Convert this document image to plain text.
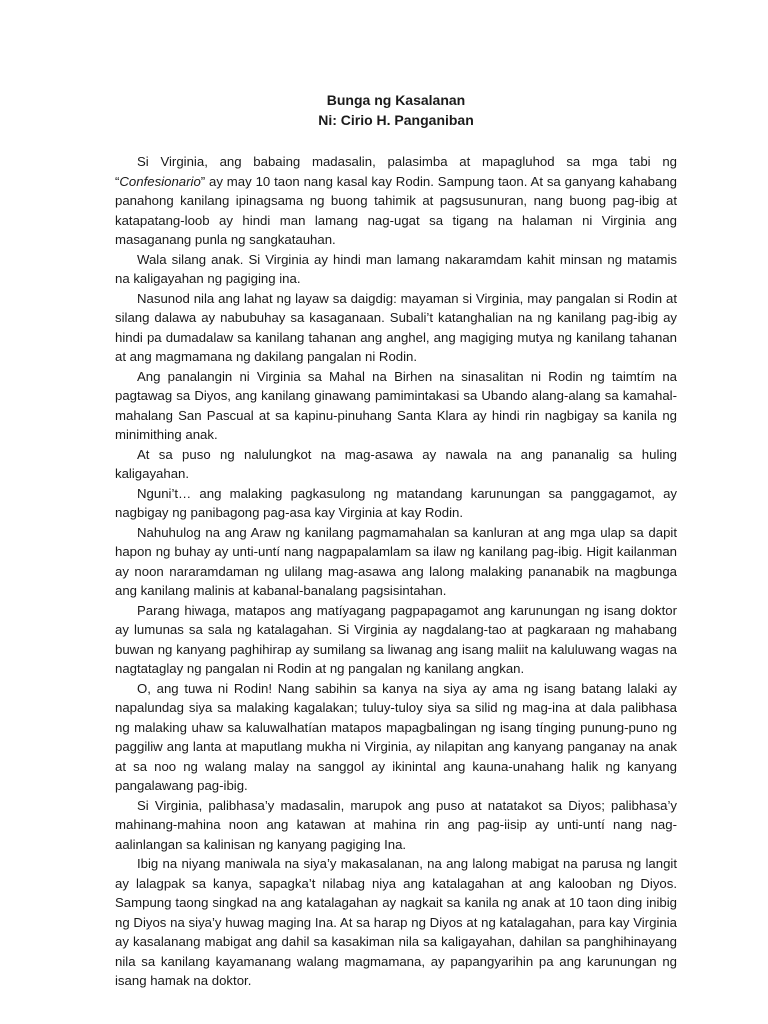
Bunga ng Kasalanan

Ni: Cirio H. Panganiban

Si Virginia, ang babaing madasalin, palasimba at mapagluhod sa mga tabi ng “Confesionario” ay may 10 taon nang kasal kay Rodin. Sampung taon. At sa ganyang kahabang panahong kanilang ipinagsama ng buong tahimik at pagsusunuran, nang buong pag-ibig at katapatang-loob ay hindi man lamang nag-ugat sa tigang na halaman ni Virginia ang masaganang punla ng sangkatauhan.

Wala silang anak. Si Virginia ay hindi man lamang nakaramdam kahit minsan ng matamis na kaligayahan ng pagiging ina.

Nasunod nila ang lahat ng layaw sa daigdig: mayaman si Virginia, may pangalan si Rodin at silang dalawa ay nabubuhay sa kasaganaan. Subali’t katanghalian na ng kanilang pag-ibig ay hindi pa dumadalaw sa kanilang tahanan ang anghel, ang magiging mutya ng kanilang tahanan at ang magmamana ng dakilang pangalan ni Rodin.

Ang panalangin ni Virginia sa Mahal na Birhen na sinasalitan ni Rodin ng taimtím na pagtawag sa Diyos, ang kanilang ginawang pamimintakasi sa Ubando alang-alang sa kamahal-mahalang San Pascual at sa kapinu-pinuhang Santa Klara ay hindi rin nagbigay sa kanila ng minimithing anak.

At sa puso ng nalulungkot na mag-asawa ay nawala na ang pananalig sa huling kaligayahan.

Nguni’t… ang malaking pagkasulong ng matandang karunungan sa panggagamot, ay nagbigay ng panibagong pag-asa kay Virginia at kay Rodin.

Nahuhulog na ang Araw ng kanilang pagmamahalan sa kanluran at ang mga ulap sa dapit hapon ng buhay ay unti-untí nang nagpapalamlam sa ilaw ng kanilang pag-ibig. Higit kailanman ay noon nararamdaman ng ulilang mag-asawa ang lalong malaking pananabik na magbunga ang kanilang malinis at kabanal-banalang pagsisintahan.

Parang hiwaga, matapos ang matíyagang pagpapagamot ang karunungan ng isang doktor ay lumunas sa sala ng katalagahan. Si Virginia ay nagdalang-tao at pagkaraan ng mahabang buwan ng kanyang paghihirap ay sumilang sa liwanag ang isang maliit na kaluluwang wagas na nagtataglay ng pangalan ni Rodin at ng pangalan ng kanilang angkan.

O, ang tuwa ni Rodin! Nang sabihin sa kanya na siya ay ama ng isang batang lalaki ay napalundag siya sa malaking kagalakan; tuluy-tuloy siya sa silid ng mag-ina at dala palibhasa ng malaking uhaw sa kaluwalhatían matapos mapagbalingan ng isang tínging punung-puno ng paggiliw ang lanta at maputlang mukha ni Virginia, ay nilapitan ang kanyang panganay na anak at sa noo ng walang malay na sanggol ay ikinintal ang kauna-unahang halik ng kanyang pangalawang pag-ibig.

Si Virginia, palibhasa’y madasalin, marupok ang puso at natatakot sa Diyos; palibhasa’y mahinang-mahina noon ang katawan at mahina rin ang pag-iisip ay unti-untí nang nag-aalinlangan sa kalinisan ng kanyang pagiging Ina.

Ibig na niyang maniwala na siya’y makasalanan, na ang lalong mabigat na parusa ng langit ay lalagpak sa kanya, sapagka’t nilabag niya ang katalagahan at ang kalooban ng Diyos. Sampung taong singkad na ang katalagahan ay nagkait sa kanila ng anak at 10 taon ding inibig ng Diyos na siya’y huwag maging Ina. At sa harap ng Diyos at ng katalagahan, para kay Virginia ay kasalanang mabigat ang dahil sa kasakiman nila sa kaligayahan, dahilan sa panghihinayang nila sa kanilang kayamanang walang magmamana, ay papangyarihin pa ang karunungan ng isang hamak na doktor.
